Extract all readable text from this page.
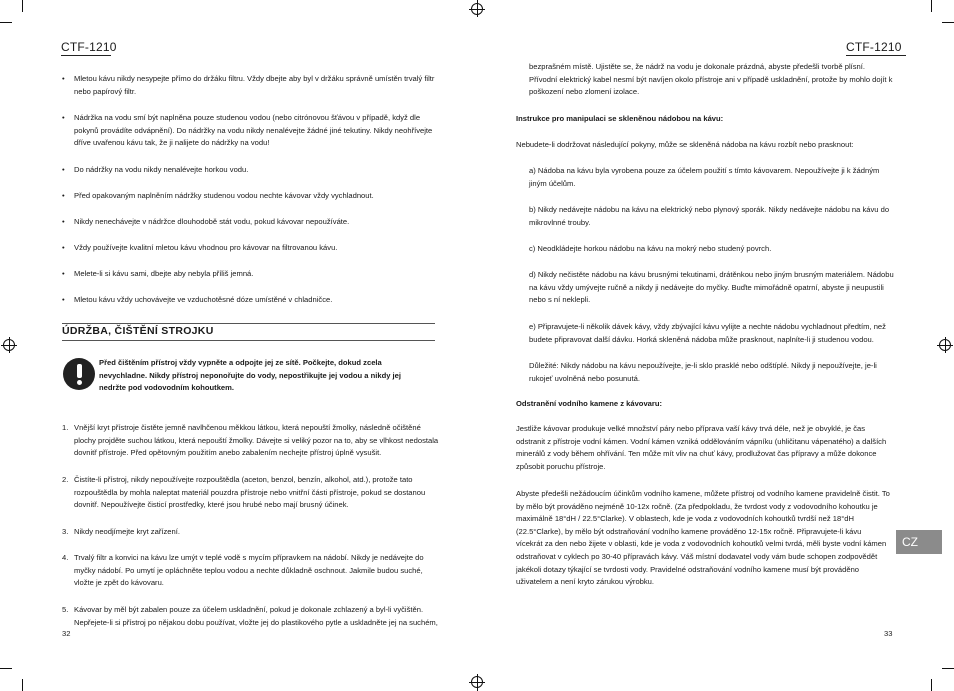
CTF-1210
• Mletou kávu nikdy nesypejte přímo do držáku filtru. Vždy dbejte aby byl v držáku správně umístěn trvalý filtr nebo papírový filtr.
• Nádržka na vodu smí být naplněna pouze studenou vodou (nebo citrónovou šťávou v případě, když dle pokynů provádíte odvápnění). Do nádržky na vodu nikdy nenalévejte žádné jiné tekutiny. Nikdy neohřívejte dříve uvařenou kávu tak, že ji nalijete do nádržky na vodu!
• Do nádržky na vodu nikdy nenalévejte horkou vodu.
• Před opakovaným naplněním nádržky studenou vodou nechte kávovar vždy vychladnout.
• Nikdy nenechávejte v nádržce dlouhodobě stát vodu, pokud kávovar nepoužíváte.
• Vždy používejte kvalitní mletou kávu vhodnou pro kávovar na filtrovanou kávu.
• Melete-li si kávu sami, dbejte aby nebyla příliš jemná.
• Mletou kávu vždy uchovávejte ve vzduchotěsné dóze umístěné v chladničce.
ÚDRŽBA, ČIŠTĚNÍ STROJKU
Před čištěním přístroj vždy vypněte a odpojte jej ze sítě. Počkejte, dokud zcela nevychladne. Nikdy přístroj neponořujte do vody, nepostřikujte jej vodou a nikdy jej nedržte pod vodovodním kohoutkem.
1. Vnější kryt přístroje čistěte jemně navlhčenou měkkou látkou, která nepouští žmolky, následně očištěné plochy projděte suchou látkou, která nepouští žmolky. Dávejte si veliký pozor na to, aby se vlhkost nedostala dovnitř přístroje. Před opětovným použitím anebo zabalením nechejte přístroj úplně vysušit.
2. Čistíte-li přístroj, nikdy nepoužívejte rozpouštědla (aceton, benzol, benzín, alkohol, atd.), protože tato rozpouštědla by mohla naleptat materiál pouzdra přístroje nebo vnitřní části přístroje, pokud se dostanou dovnitř. Nepoužívejte čisticí prostředky, které jsou hrubé nebo mají brusný účinek.
3. Nikdy neodjímejte kryt zařízení.
4. Trvalý filtr a konvici na kávu lze umýt v teplé vodě s mycím přípravkem na nádobí. Nikdy je nedávejte do myčky nádobí. Po umytí je opláchněte teplou vodou a nechte důkladně oschnout. Jakmile budou suché, vložte je zpět do kávovaru.
5. Kávovar by měl být zabalen pouze za účelem uskladnění, pokud je dokonale zchlazený a byl-li vyčištěn. Nepřejete-li si přístroj po nějakou dobu používat, vložte jej do plastikového pytle a uskladněte jej na suchém,
32
CTF-1210
bezprašném místě. Ujistěte se, že nádrž na vodu je dokonale prázdná, abyste předešli tvorbě plísní. Přívodní elektrický kabel nesmí být navíjen okolo přístroje ani v případě uskladnění, protože by mohlo dojít k poškození nebo zlomení izolace.
Instrukce pro manipulaci se skleněnou nádobou na kávu:
Nebudete-li dodržovat následující pokyny, může se skleněná nádoba na kávu rozbít nebo prasknout:
a) Nádoba na kávu byla vyrobena pouze za účelem použití s tímto kávovarem. Nepoužívejte ji k žádným jiným účelům.
b) Nikdy nedávejte nádobu na kávu na elektrický nebo plynový sporák. Nikdy nedávejte nádobu na kávu do mikrovlnné trouby.
c) Neodkládejte horkou nádobu na kávu na mokrý nebo studený povrch.
d) Nikdy nečistěte nádobu na kávu brusnými tekutinami, drátěnkou nebo jiným brusným materiálem. Nádobu na kávu vždy umývejte ručně a nikdy ji nedávejte do myčky. Buďte mimořádně opatrní, abyste ji neupustili nebo s ní neklepli.
e) Připravujete-li několik dávek kávy, vždy zbývající kávu vylijte a nechte nádobu vychladnout předtím, než budete připravovat další dávku. Horká skleněná nádoba může prasknout, naplníte-li ji studenou vodou.
Důležité: Nikdy nádobu na kávu nepoužívejte, je-li sklo prasklé nebo odštíplé. Nikdy ji nepoužívejte, je-li rukojeť uvolněná nebo posunutá.
Odstranění vodního kamene z kávovaru:
Jestliže kávovar produkuje velké množství páry nebo příprava vaší kávy trvá déle, než je obvyklé, je čas odstranit z přístroje vodní kámen. Vodní kámen vzniká oddělováním vápníku (uhličitanu vápenatého) a dalších minerálů z vody během ohřívání. Ten může mít vliv na chuť kávy, prodlužovat čas přípravy a může dokonce způsobit poruchu přístroje.
Abyste předešli nežádoucím účinkům vodního kamene, můžete přístroj od vodního kamene pravidelně čistit. To by mělo být prováděno nejméně 10-12x ročně. (Za předpokladu, že tvrdost vody z vodovodního kohoutku je maximálně 18°dH / 22.5°Clarke). V oblastech, kde je voda z vodovodních kohoutků tvrdší než 18°dH (22.5°Clarke), by mělo být odstraňování vodního kamene prováděno 12-15x ročně. Připravujete-li kávu vícekrát za den nebo žijete v oblasti, kde je voda z vodovodních kohoutků velmi tvrdá, měli byste vodní kámen odstraňovat v cyklech po 30-40 přípravách kávy. Váš místní dodavatel vody vám bude schopen zodpovědět jakékoli dotazy týkající se tvrdosti vody. Pravidelné odstraňování vodního kamene musí být prováděno uživatelem a není kryto zárukou výrobku.
CZ
33
